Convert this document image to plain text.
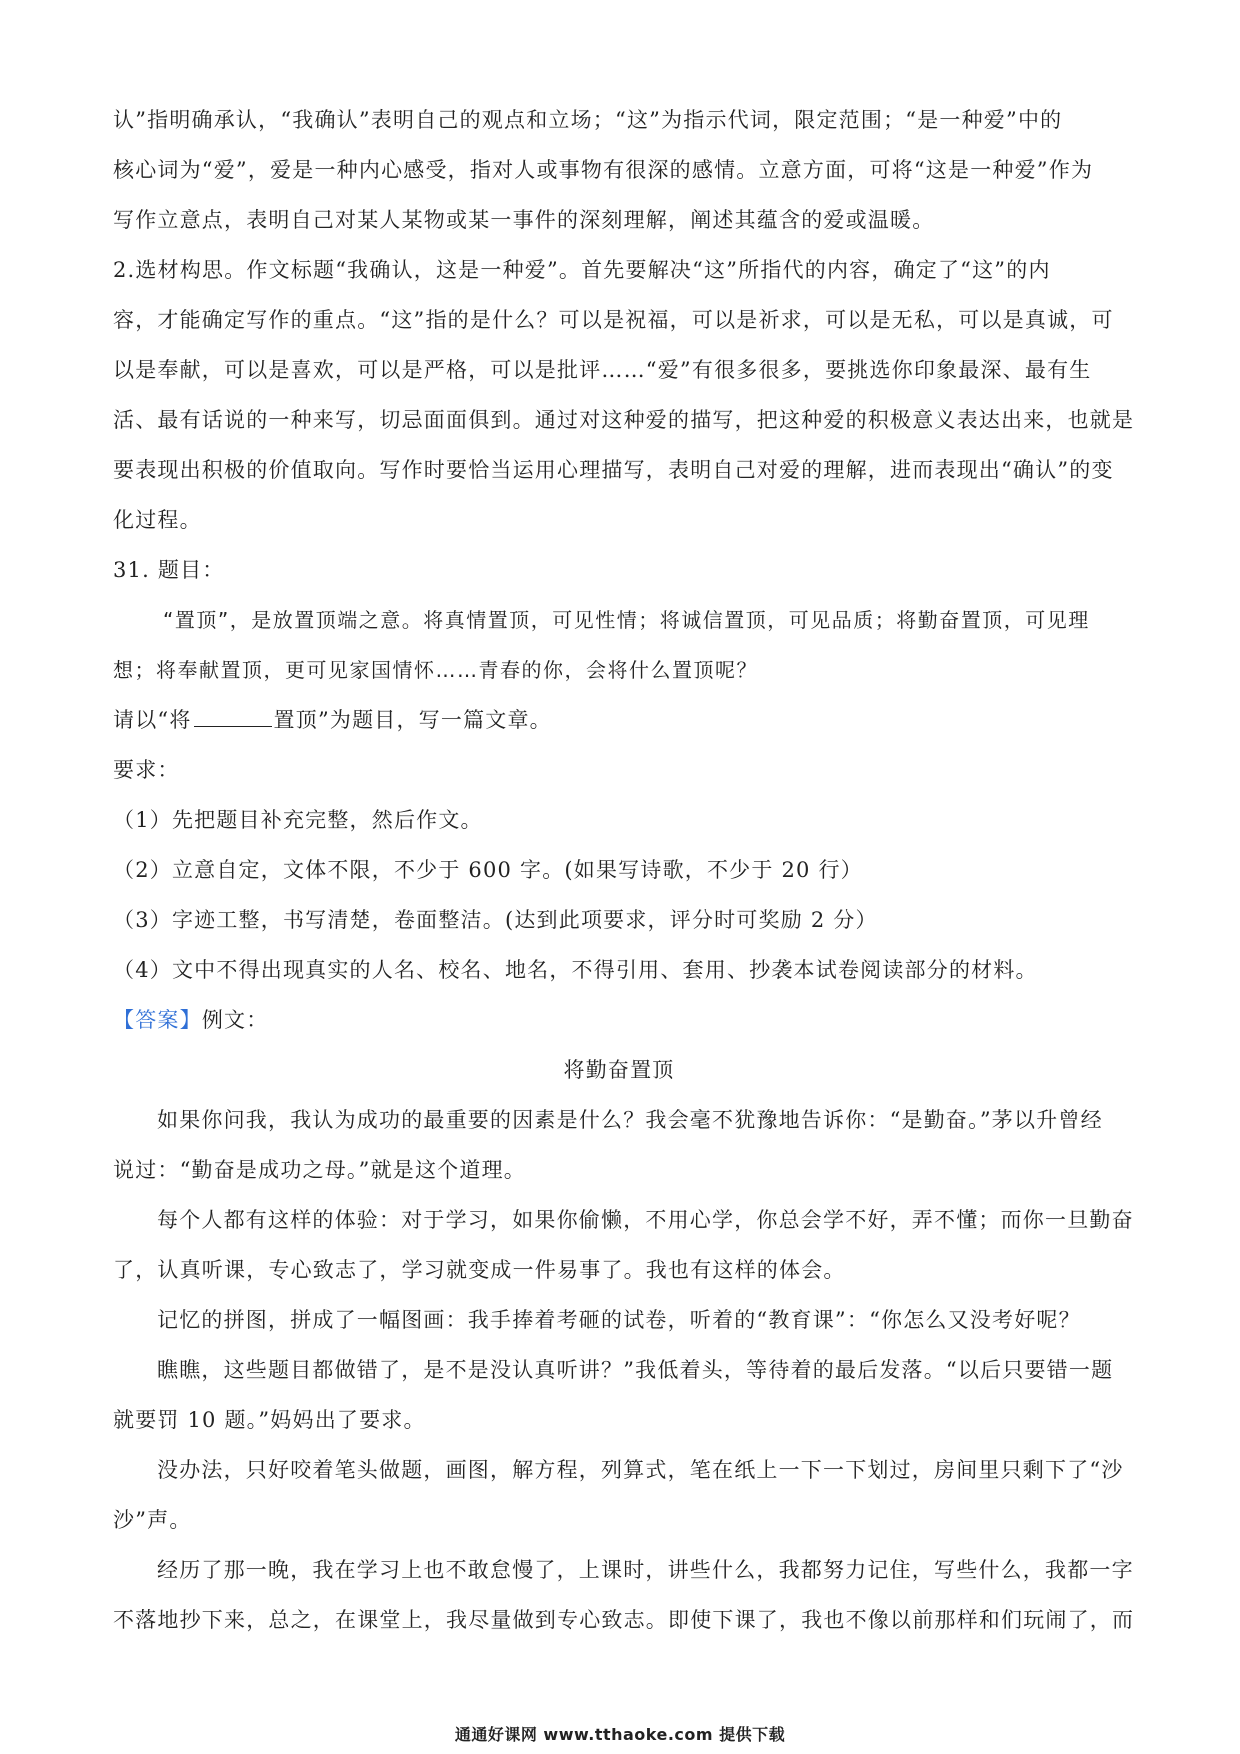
认”指明确承认，“我确认”表明自己的观点和立场；“这”为指示代词，限定范围；“是一种爱”中的
核心词为“爱”，爱是一种内心感受，指对人或事物有很深的感情。立意方面，可将“这是一种爱”作为
写作立意点，表明自己对某人某物或某一事件的深刻理解，阐述其蕴含的爱或温暖。
2.选材构思。作文标题“我确认，这是一种爱”。首先要解决“这”所指代的内容，确定了“这”的内
容，才能确定写作的重点。“这”指的是什么？可以是祝福，可以是祈求，可以是无私，可以是真诚，可
以是奉献，可以是喜欢，可以是严格，可以是批评……“爱”有很多很多，要挑选你印象最深、最有生
活、最有话说的一种来写，切忌面面俱到。通过对这种爱的描写，把这种爱的积极意义表达出来，也就是
要表现出积极的价值取向。写作时要恰当运用心理描写，表明自己对爱的理解，进而表现出“确认”的变
化过程。
31. 题目：
“置顶”，是放置顶端之意。将真情置顶，可见性情；将诚信置顶，可见品质；将勤奋置顶，可见理
想；将奉献置顶，更可见家国情怀……青春的你，会将什么置顶呢？
请以“将	置顶”为题目，写一篇文章。
要求：
（1）先把题目补充完整，然后作文。
（2）立意自定，文体不限，不少于 600 字。(如果写诗歌，不少于 20 行）
（3）字迹工整，书写清楚，卷面整洁。(达到此项要求，评分时可奖励 2 分）
（4）文中不得出现真实的人名、校名、地名，不得引用、套用、抄袭本试卷阅读部分的材料。
【答案】例文：
将勤奋置顶
如果你问我，我认为成功的最重要的因素是什么？我会毫不犹豫地告诉你：“是勤奋。”茅以升曾经
说过：“勤奋是成功之母。”就是这个道理。
每个人都有这样的体验：对于学习，如果你偷懒，不用心学，你总会学不好，弄不懂；而你一旦勤奋
了，认真听课，专心致志了，学习就变成一件易事了。我也有这样的体会。
记忆的拼图，拼成了一幅图画：我手捧着考砸的试卷，听着的“教育课”：“你怎么又没考好呢？
瞧瞧，这些题目都做错了，是不是没认真听讲？”我低着头，等待着的最后发落。“以后只要错一题
就要罚 10 题。”妈妈出了要求。
没办法，只好咬着笔头做题，画图，解方程，列算式，笔在纸上一下一下划过，房间里只剩下了“沙
沙”声。
经历了那一晚，我在学习上也不敢怠慢了，上课时，讲些什么，我都努力记住，写些什么，我都一字
不落地抄下来，总之，在课堂上，我尽量做到专心致志。即使下课了，我也不像以前那样和们玩闹了，而
通通好课网 www.tthaoke.com 提供下载
